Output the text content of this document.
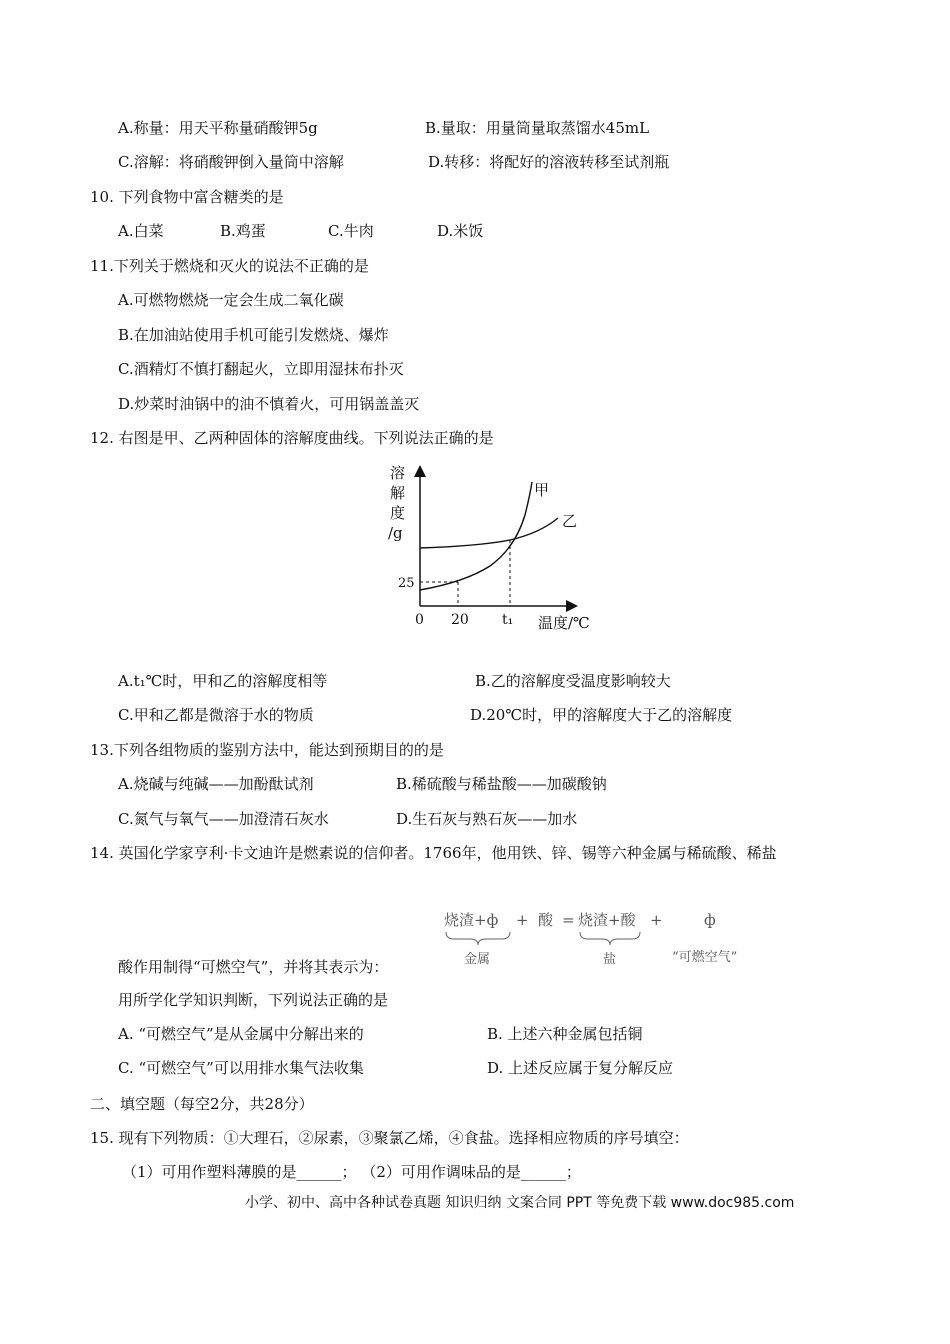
A.称量：用天平称量硝酸钾5g	B.量取：用量筒量取蒸馏水45mL
C.溶解：将硝酸钾倒入量筒中溶解	D.转移：将配好的溶液转移至试剂瓶
10. 下列食物中富含糖类的是
A.白菜	B.鸡蛋	C.牛肉	D.米饭
11.下列关于燃烧和灭火的说法不正确的是
A.可燃物燃烧一定会生成二氧化碳
B.在加油站使用手机可能引发燃烧、爆炸
C.酒精灯不慎打翻起火，立即用湿抹布扑灭
D.炒菜时油锅中的油不慎着火，可用锅盖盖灭
12. 右图是甲、乙两种固体的溶解度曲线。下列说法正确的是
溶
解
度
/g
0 20 t₁
25
温度/℃
甲
乙
A.t₁℃时，甲和乙的溶解度相等	B.乙的溶解度受温度影响较大
C.甲和乙都是微溶于水的物质	D.20℃时，甲的溶解度大于乙的溶解度
13.下列各组物质的鉴别方法中，能达到预期目的的是
A.烧碱与纯碱——加酚酞试剂	B.稀硫酸与稀盐酸——加碳酸钠
C.氮气与氧气——加澄清石灰水	D.生石灰与熟石灰——加水
14. 英国化学家亨利·卡文迪许是燃素说的信仰者。1766年，他用铁、锌、锡等六种金属与稀硫酸、稀盐
烧渣+ф + 酸 = 烧渣+酸 +	ф
金属	盐	“可燃空气”
酸作用制得“可燃空气”，并将其表示为：
用所学化学知识判断，下列说法正确的是
A. “可燃空气”是从金属中分解出来的	B. 上述六种金属包括铜
C. “可燃空气”可以用排水集气法收集	D. 上述反应属于复分解反应
二、填空题（每空2分，共28分）
15. 现有下列物质：①大理石，②尿素，③聚氯乙烯，④食盐。选择相应物质的序号填空：
（1）可用作塑料薄膜的是______； （2）可用作调味品的是______；
小学、初中、高中各种试卷真题 知识归纳 文案合同 PPT 等免费下载 www.doc985.com
